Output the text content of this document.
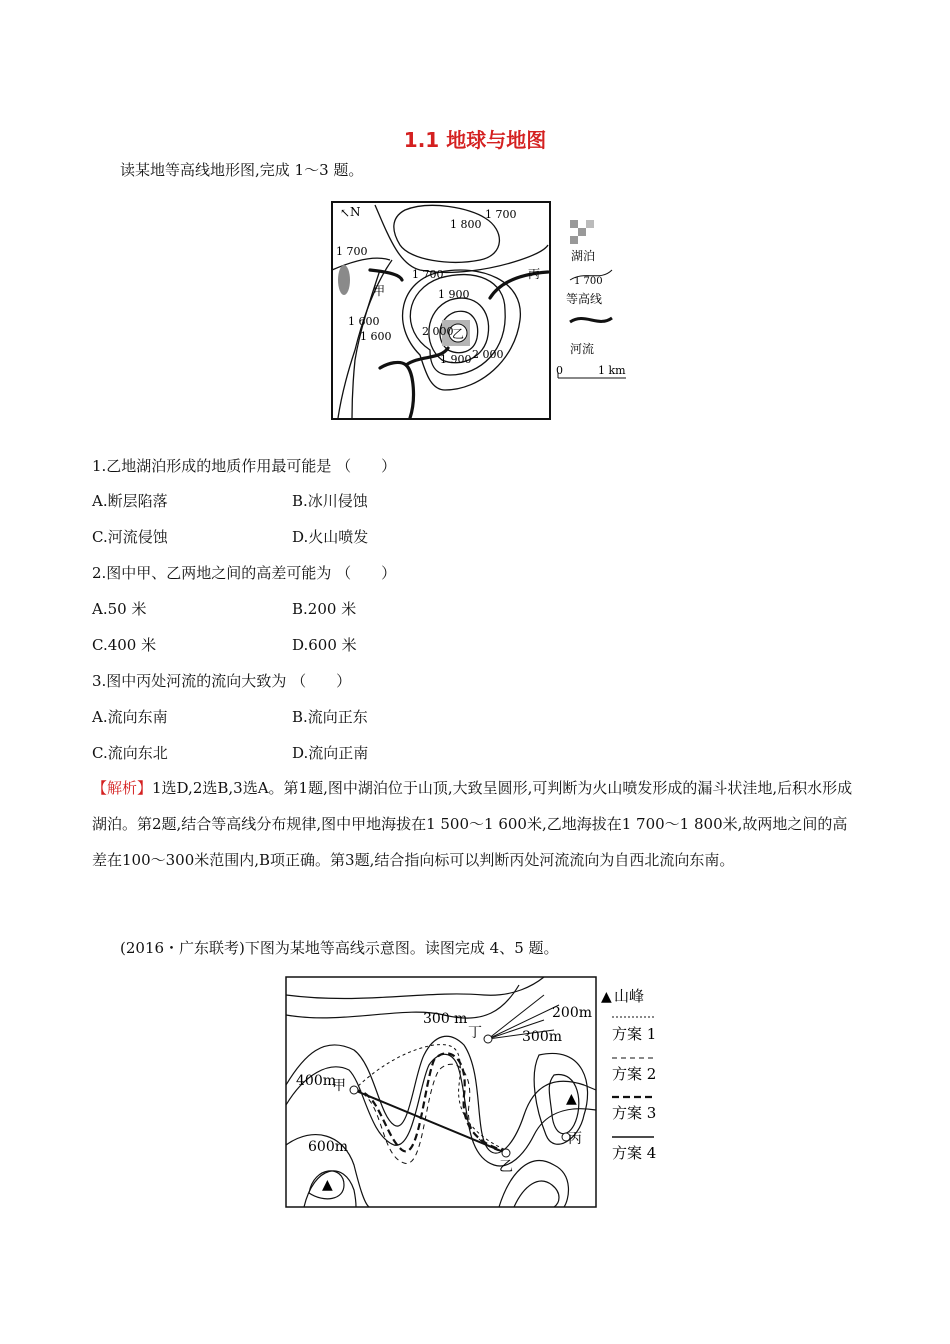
1.1 地球与地图
读某地等高线地形图,完成 1～3 题。
乙
甲
丙
N
↖
1 800
1 700
1 700
1 700
1 600
1 600
1 900
2 000
2 000
1 900
湖泊
1 700
等高线
河流
0	1 km
1.乙地湖泊形成的地质作用最可能是 （　　）
A.断层陷落	B.冰川侵蚀
C.河流侵蚀	D.火山喷发
2.图中甲、乙两地之间的高差可能为 （　　）
A.50 米	B.200 米
C.400 米	D.600 米
3.图中丙处河流的流向大致为 （　　）
A.流向东南	B.流向正东
C.流向东北	D.流向正南
【解析】1选D,2选B,3选A。第1题,图中湖泊位于山顶,大致呈圆形,可判断为火山喷发形成的漏斗状洼地,后积水形成湖泊。第2题,结合等高线分布规律,图中甲地海拔在1 500～1 600米,乙地海拔在1 700～1 800米,故两地之间的高差在100～300米范围内,B项正确。第3题,结合指向标可以判断丙处河流流向为自西北流向东南。
(2016・广东联考)下图为某地等高线示意图。读图完成 4、5 题。
甲
乙
丁
丙
300 m	200m
300m
400m
600m
▲
▲
▲ 山峰
方案 1
方案 2
方案 3
方案 4
